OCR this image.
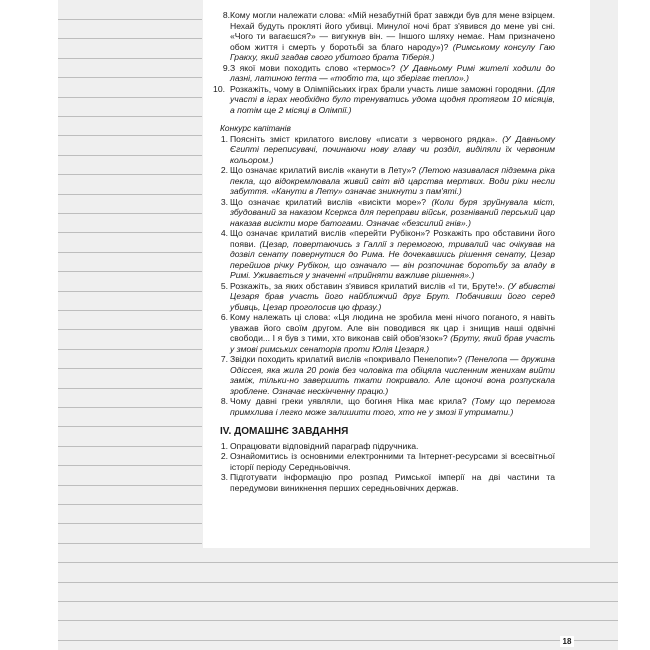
8. Кому могли належати слова: «Мій незабутній брат завжди був для мене взірцем. Нехай будуть прокляті його убивці. Минулої ночі брат з'явився до мене уві сні. «Чого ти вагаєшся?» — вигукнув він. — Іншого шляху немає. Нам призначено обом життя і смерть у боротьбі за благо народу»)? (Римському консулу Гаю Гракху, який згадав свого убитого брата Тіберія.)
9. З якої мови походить слово «термос»? (У Давньому Римі жителі ходили до лазні, латиною terma — «тобто та, що зберігає тепло».)
10. Розкажіть, чому в Олімпійських іграх брали участь лише заможні городяни. (Для участі в іграх необхідно було тренуватись удома щодня протягом 10 місяців, а потім ще 2 місяці в Олімпії.)
Конкурс капітанів
1. Поясніть зміст крилатого вислову «писати з червоного рядка». (У Давньому Єгипті переписувачі, починаючи нову главу чи розділ, виділяли їх червоним кольором.)
2. Що означає крилатий вислів «канути в Лету»? (Летою називалася підземна ріка пекла, що відокремлювала живий світ від царства мертвих. Води ріки несли забуття. «Канути в Лету» означає зникнути з пам'яті.)
3. Що означає крилатий вислів «висікти море»? (Коли буря зруйнувала міст, збудований за наказом Ксеркса для переправи військ, розгніваний перський цар наказав висікти море батогами. Означає «безсилий гнів».)
4. Що означає крилатий вислів «перейти Рубікон»? Розкажіть про обставини його появи. (Цезар, повертаючись з Галлії з перемогою, тривалий час очікував на дозвіл сенату повернутися до Рима. Не дочекавшись рішення сенату, Цезар перейшов річку Рубікон, що означало — він розпочинає боротьбу за владу в Римі. Уживається у значенні «прийняти важливе рішення».)
5. Розкажіть, за яких обставин з'явився крилатий вислів «І ти, Бруте!». (У вбивстві Цезаря брав участь його найближчий друг Брут. Побачивши його серед убивць, Цезар проголосив цю фразу.)
6. Кому належать ці слова: «Ця людина не зробила мені нічого поганого, я навіть уважав його своїм другом. Але він поводився як цар і знищив наші одвічні свободи... І я був з тими, хто виконав свій обов'язок»? (Бруту, який брав участь у змові римських сенаторів проти Юлія Цезаря.)
7. Звідки походить крилатий вислів «покривало Пенелопи»? (Пенелопа — дружина Одіссея, яка жила 20 років без чоловіка та обіцяла численним женихам вийти заміж, тільки-но завершить ткати покривало. Але щоночі вона розпускала зроблене. Означає нескінченну працю.)
8. Чому давні греки уявляли, що богиня Ніка має крила? (Тому що перемога примхлива і легко може залишити того, хто не у змозі її утримати.)
IV. ДОМАШНЄ ЗАВДАННЯ
1. Опрацювати відповідний параграф підручника.
2. Ознайомитись із основними електронними та Інтернет-ресурсами зі всесвітньої історії періоду Середньовіччя.
3. Підготувати інформацію про розпад Римської імперії на дві частини та передумови виникнення перших середньовічних держав.
18
